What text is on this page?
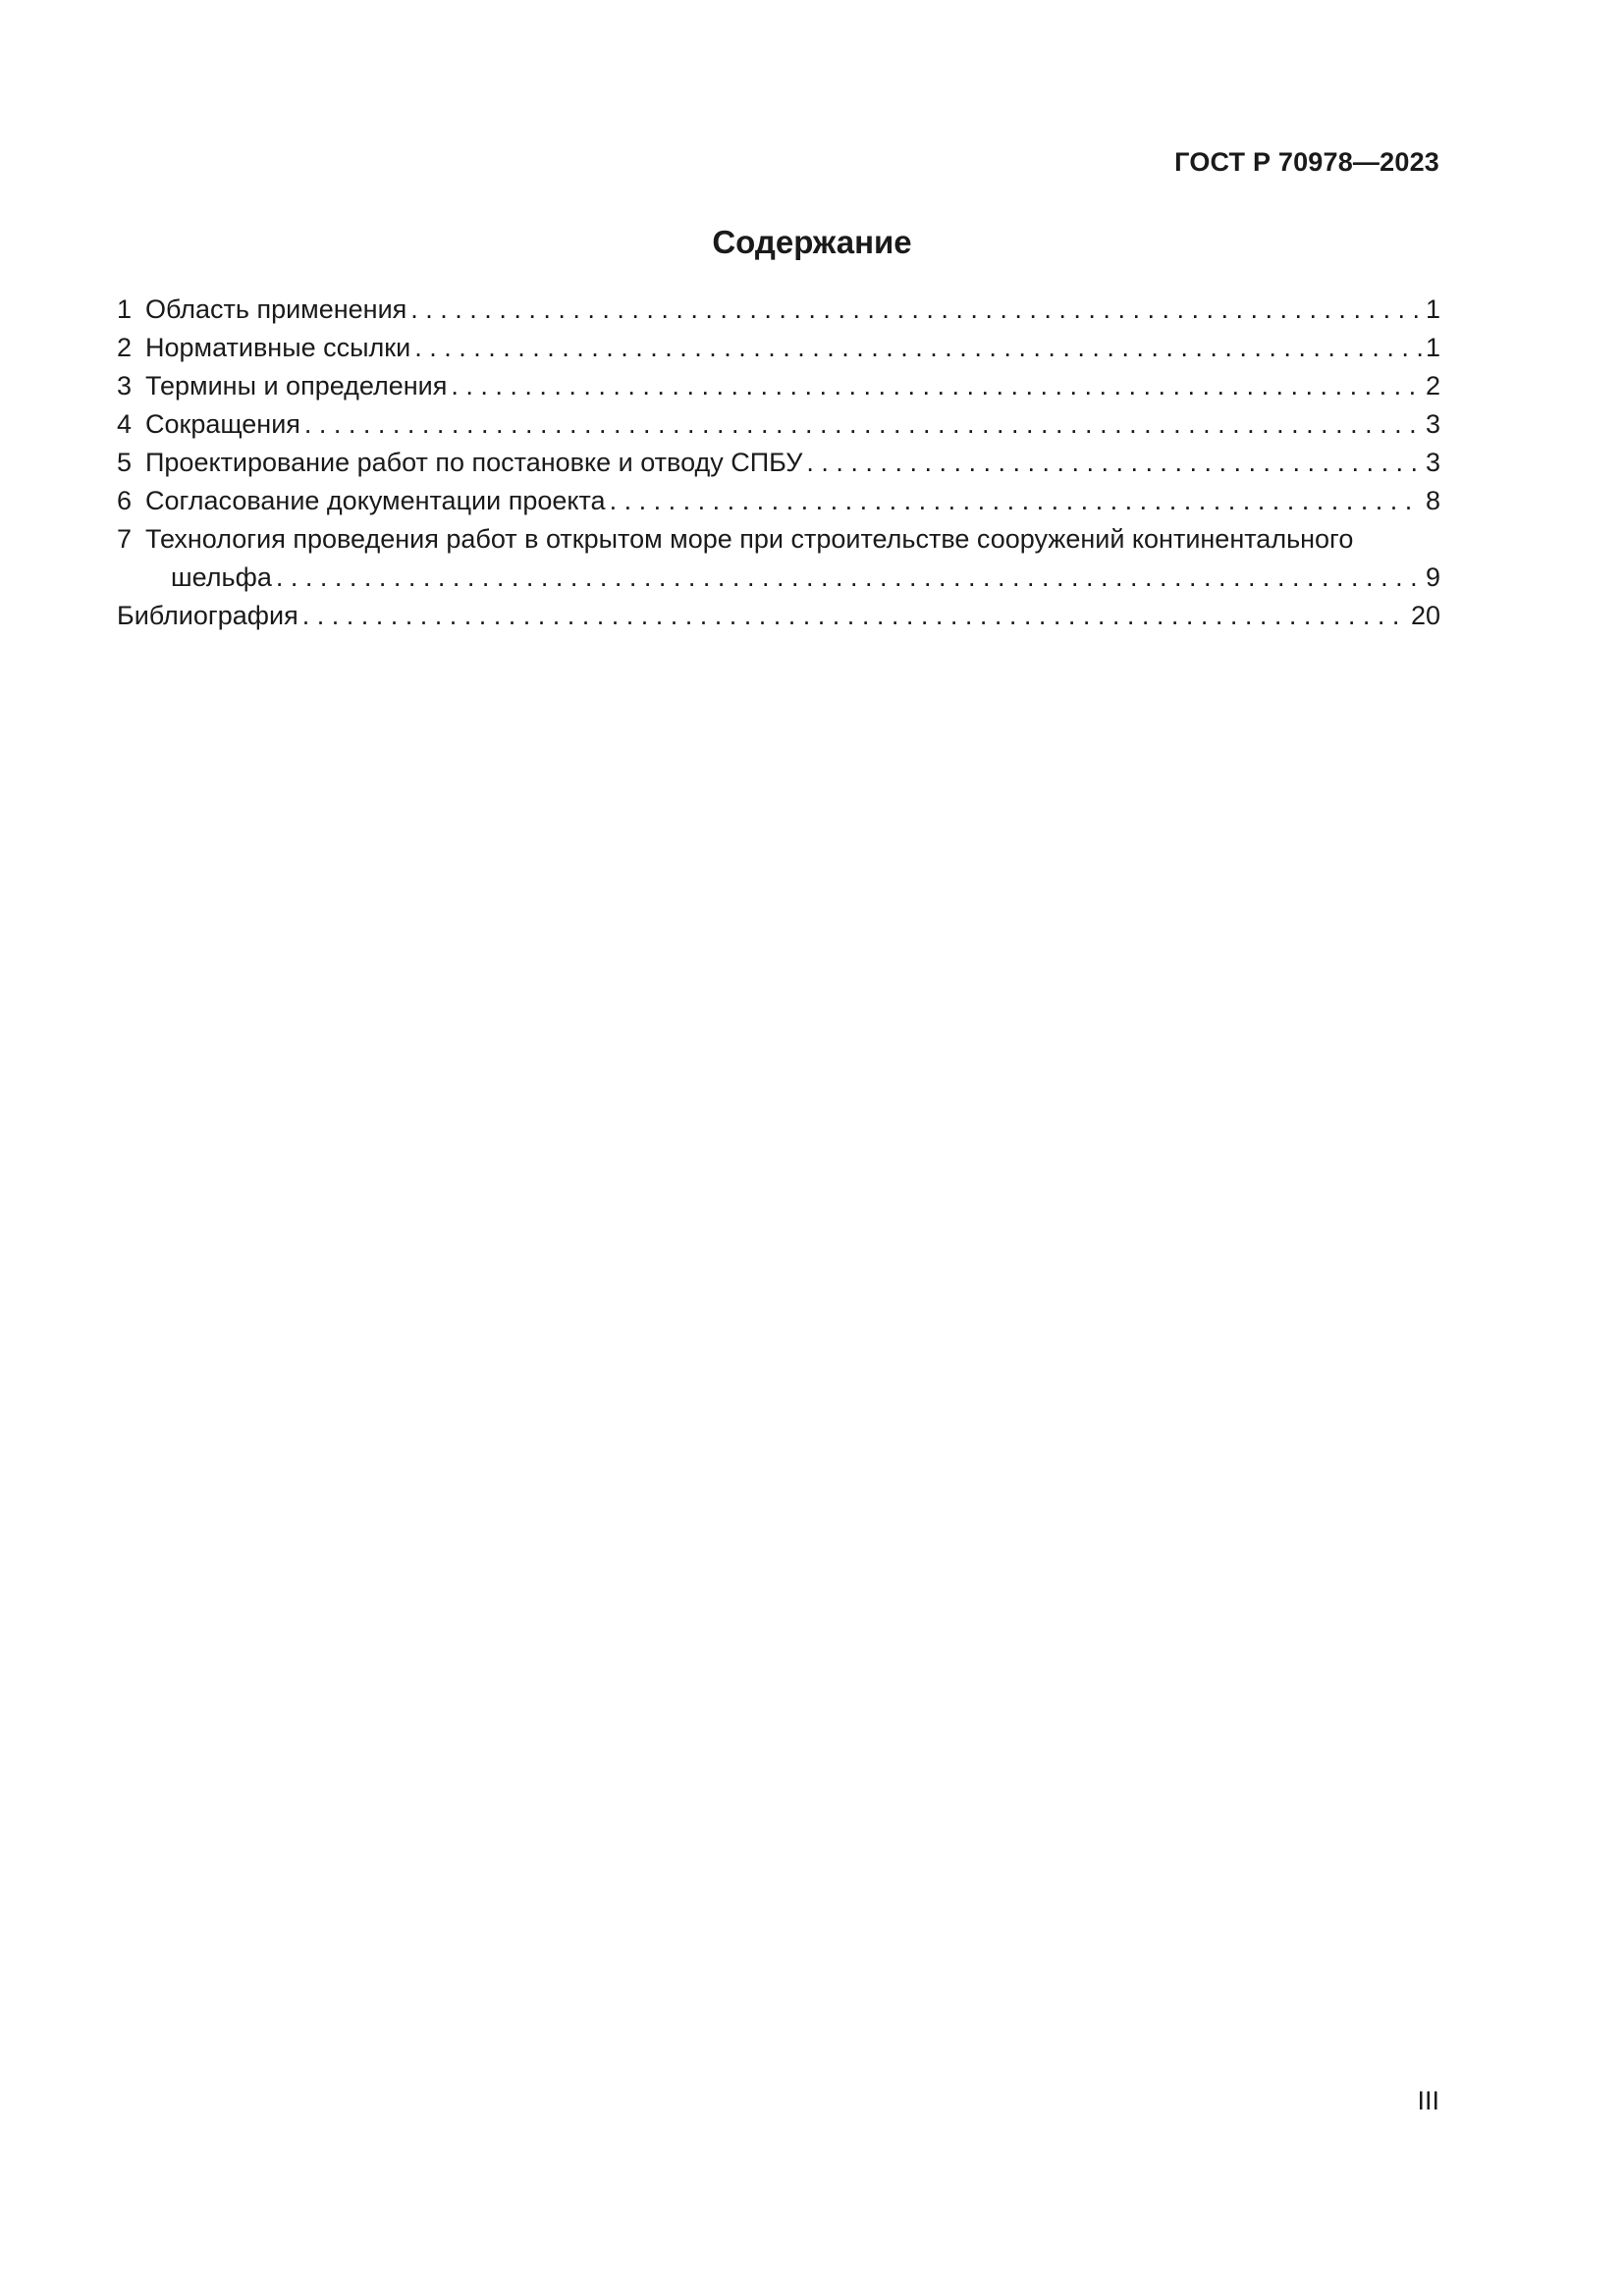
ГОСТ Р 70978—2023
Содержание
1 Область применения . . .	1
2 Нормативные ссылки . . .	1
3 Термины и определения . . .	2
4 Сокращения . . .	3
5 Проектирование работ по постановке и отводу СПБУ . . .	3
6 Согласование документации проекта . . .	8
7 Технология проведения работ в открытом море при строительстве сооружений континентального
шельфа . . .	9
Библиография . . .	20
III
